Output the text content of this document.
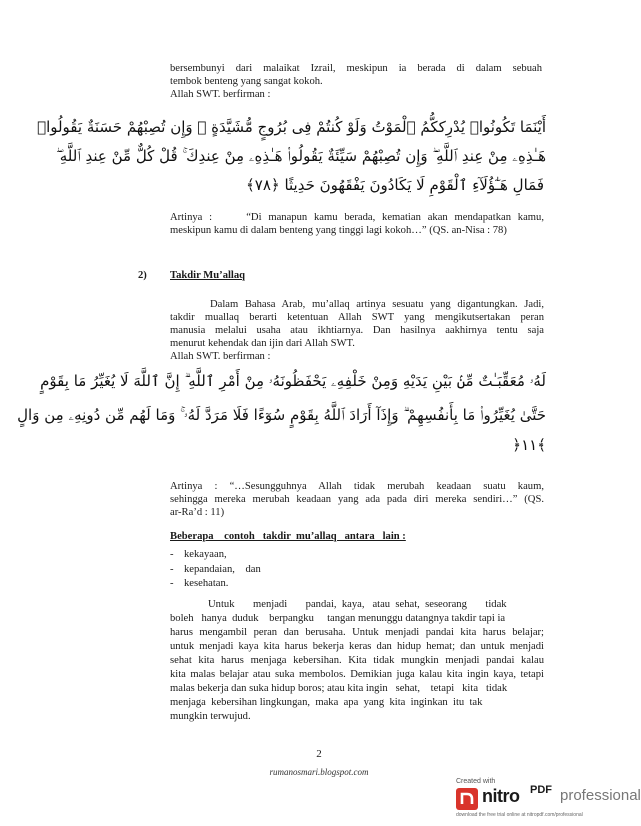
bersembunyi dari malaikat Izrail, meskipun ia berada di dalam sebuah
tembok benteng yang sangat kokoh.
Allah SWT. berfirman :
أَيْنَمَا تَكُونُوا۟ يُدْرِككُّمُ ٱلْمَوْتُ وَلَوْ كُنتُمْ فِى بُرُوجٍ مُّشَيَّدَةٍ ۗ وَإِن تُصِبْهُمْ حَسَنَةٌ يَقُولُوا۟
هَـٰذِهِۦ مِنْ عِندِ ٱللَّهِ ۖ وَإِن تُصِبْهُمْ سَيِّئَةٌ يَقُولُوا۟ هَـٰذِهِۦ مِنْ عِندِكَ ۚ قُلْ كُلٌّ مِّنْ عِندِ ٱللَّهِ ۖ
فَمَالِ هَـٰٓؤُلَآءِ ٱلْقَوْمِ لَا يَكَادُونَ يَفْقَهُونَ حَدِيثًا ﴿٧٨﴾
Artinya :     “Di manapun kamu berada, kematian akan mendapatkan kamu,
meskipun kamu di dalam benteng yang tinggi lagi kokoh…” (QS. an-Nisa : 78)
2) Takdir Mu’allaq
Dalam Bahasa Arab, mu’allaq artinya sesuatu yang digantungkan. Jadi,
takdir muallaq berarti ketentuan Allah SWT yang mengikutsertakan peran
manusia melalui usaha atau ikhtiarnya. Dan hasilnya aakhirnya tentu saja
menurut kehendak dan ijin dari Allah SWT.
Allah SWT. berfirman :
لَهُۥ مُعَقِّبَـٰتٌ مِّنۢ بَيْنِ يَدَيْهِ وَمِنْ خَلْفِهِۦ يَحْفَظُونَهُۥ مِنْ أَمْرِ ٱللَّهِ ۗ إِنَّ ٱللَّهَ لَا يُغَيِّرُ مَا بِقَوْمٍ
حَتَّىٰ يُغَيِّرُوا۟ مَا بِأَنفُسِهِمْ ۗ وَإِذَآ أَرَادَ ٱللَّهُ بِقَوْمٍ سُوٓءًا فَلَا مَرَدَّ لَهُۥ ۚ وَمَا لَهُم مِّن دُونِهِۦ مِن وَالٍ
﴿١١﴾
Artinya : “…Sesungguhnya Allah tidak merubah keadaan suatu kaum,
sehingga mereka merubah keadaan yang ada pada diri mereka sendiri…” (QS.
ar-Ra’d : 11)
Beberapa    contoh   takdir  mu’allaq   antara   lain :
- kekayaan,
- kepandaian,    dan
- kesehatan.
Untuk       menjadi       pandai,  kaya,   atau  sehat,  seseorang       tidak
boleh   hanya  duduk    berpangku     tangan menunggu datangnya takdir tapi ia
harus mengambil peran dan berusaha. Untuk menjadi pandai kita harus belajar;
untuk menjadi kaya kita harus bekerja keras dan hidup hemat; dan untuk menjadi
sehat kita harus menjaga kebersihan. Kita tidak mungkin menjadi pandai kalau
kita malas belajar atau suka membolos. Demikian juga kalau kita ingin kaya, tetapi
malas bekerja dan suka hidup boros; atau kita ingin   sehat,    tetapi   kita   tidak
menjaga  kebersihan lingkungan,  maka  apa  yang  kita  inginkan  itu  tak
mungkin terwujud.
2
rumanosmari.blogspot.com
Created with
nitro PDF professional
download the free trial online at nitropdf.com/professional
